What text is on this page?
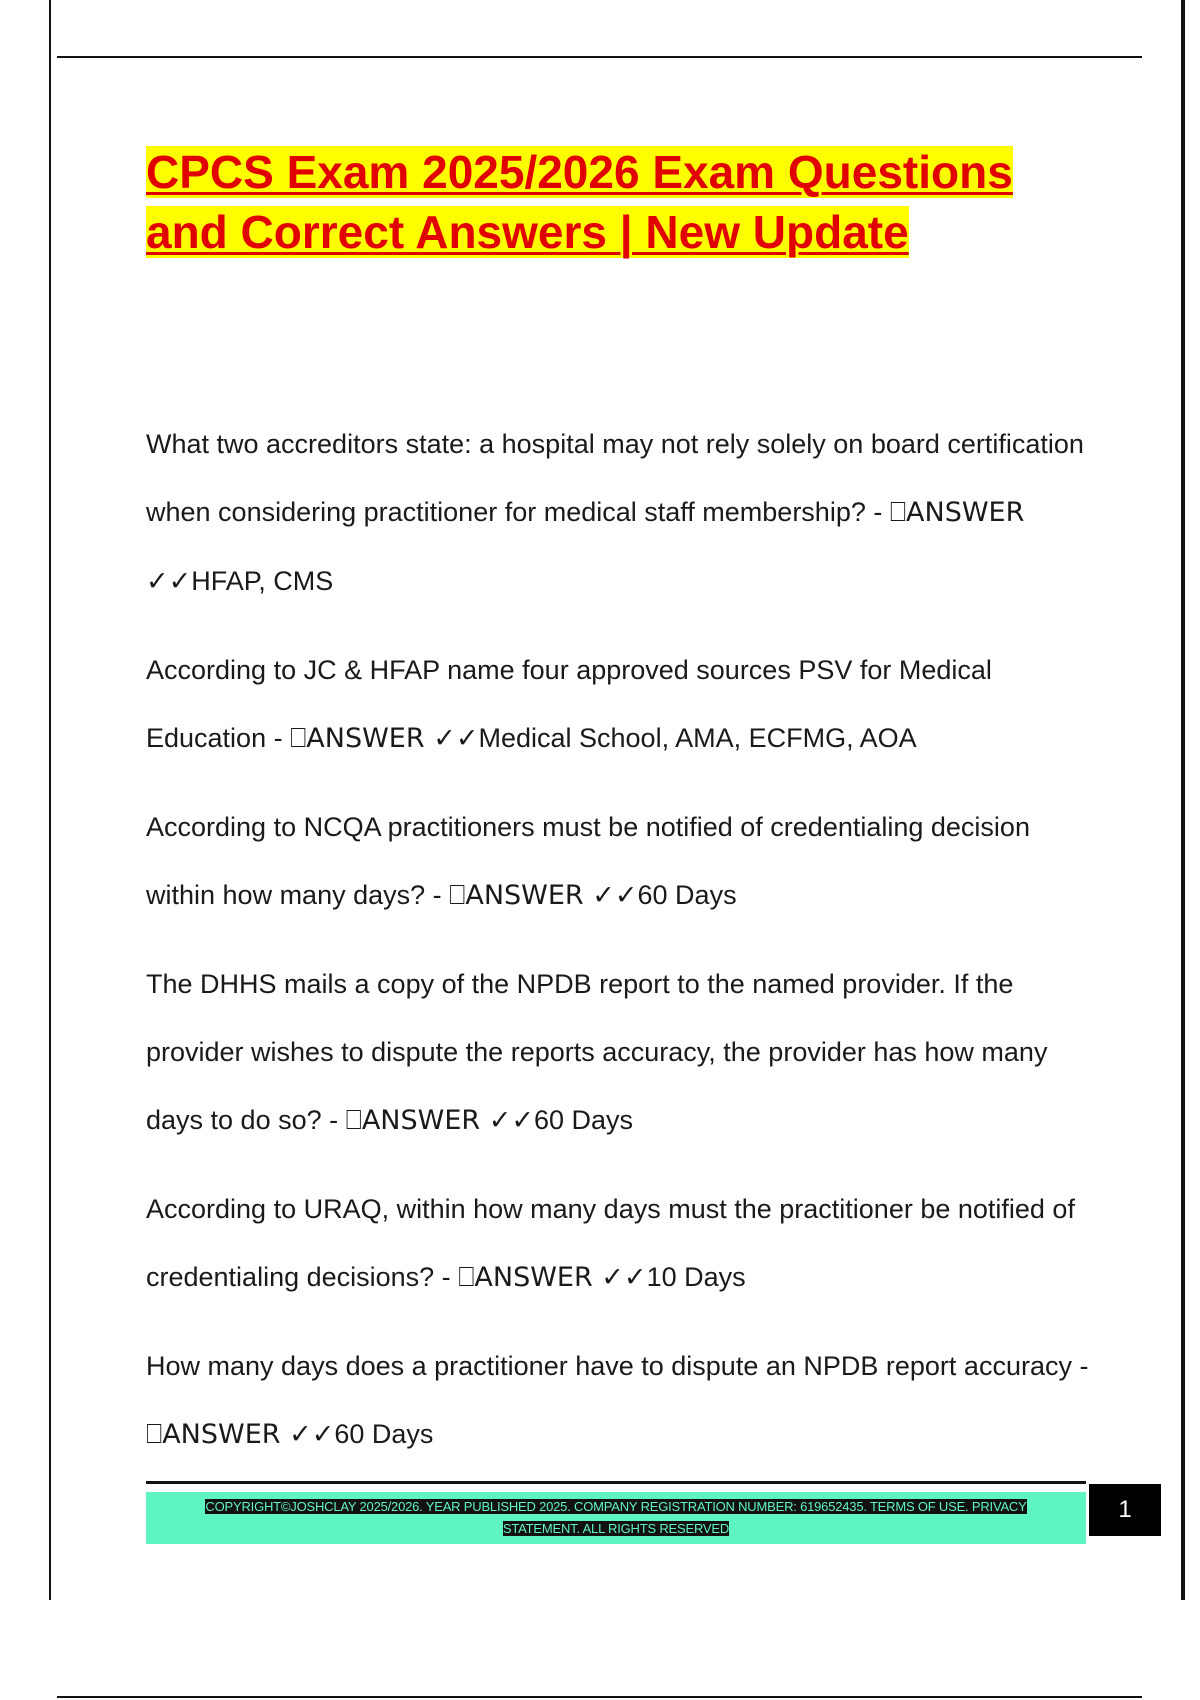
CPCS Exam 2025/2026 Exam Questions
and Correct Answers | New Update
What two accreditors state: a hospital may not rely solely on board certification when considering practitioner for medical staff membership? - ⎕ANSWER ✓✓HFAP, CMS
According to JC & HFAP name four approved sources PSV for Medical Education - ⎕ANSWER ✓✓Medical School, AMA, ECFMG, AOA
According to NCQA practitioners must be notified of credentialing decision within how many days? - ⎕ANSWER ✓✓60 Days
The DHHS mails a copy of the NPDB report to the named provider. If the provider wishes to dispute the reports accuracy, the provider has how many days to do so? - ⎕ANSWER ✓✓60 Days
According to URAQ, within how many days must the practitioner be notified of credentialing decisions? - ⎕ANSWER ✓✓10 Days
How many days does a practitioner have to dispute an NPDB report accuracy - ⎕ANSWER ✓✓60 Days

COPYRIGHT©JOSHCLAY 2025/2026. YEAR PUBLISHED 2025. COMPANY REGISTRATION NUMBER: 619652435. TERMS OF USE. PRIVACY
STATEMENT. ALL RIGHTS RESERVED

1
